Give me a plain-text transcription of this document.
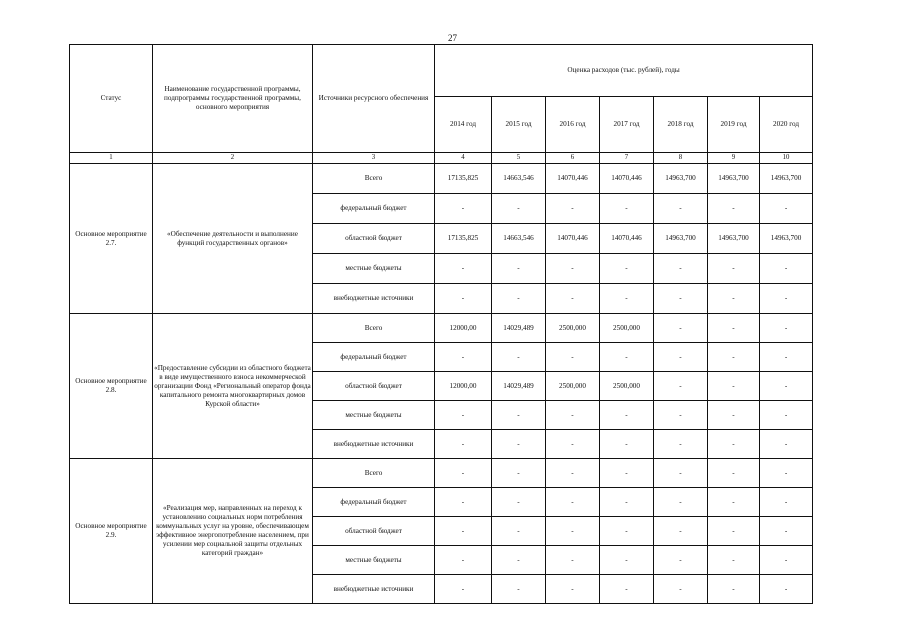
27
Статус	Наименование государственной программы, подпрограммы государственной программы, основного мероприятия	Источники ресурсного обеспечения	Оценка расходов (тыс. рублей), годы						
			2014 год	2015 год	2016 год	2017 год	2018 год	2019 год	2020 год
1	2	3	4	5	6	7	8	9	10
Основное мероприятие 2.7.	«Обеспечение деятельности и выполнение функций государственных органов»	Всего	17135,825	14663,546	14070,446	14070,446	14963,700	14963,700	14963,700
		федеральный бюджет	-	-	-	-	-	-	-
		областной бюджет	17135,825	14663,546	14070,446	14070,446	14963,700	14963,700	14963,700
		местные бюджеты	-	-	-	-	-	-	-
		внебюджетные источники	-	-	-	-	-	-	-
Основное мероприятие 2.8.	«Предоставление субсидии из областного бюджета в виде имущественного взноса некоммерческой организации Фонд «Региональный оператор фонда капитального ремонта многоквартирных домов Курской области»	Всего	12000,00	14029,489	2500,000	2500,000	-	-	-
		федеральный бюджет	-	-	-	-	-	-	-
		областной бюджет	12000,00	14029,489	2500,000	2500,000	-	-	-
		местные бюджеты	-	-	-	-	-	-	-
		внебюджетные источники	-	-	-	-	-	-	-
Основное мероприятие 2.9.	«Реализация мер, направленных на переход к установлению социальных норм потребления коммунальных услуг на уровне, обеспечивающем эффективное энергопотребление населением, при усилении мер социальной защиты отдельных категорий граждан»	Всего	-	-	-	-	-	-	-
		федеральный бюджет	-	-	-	-	-	-	-
		областной бюджет	-	-	-	-	-	-	-
		местные бюджеты	-	-	-	-	-	-	-
		внебюджетные источники	-	-	-	-	-	-	-
